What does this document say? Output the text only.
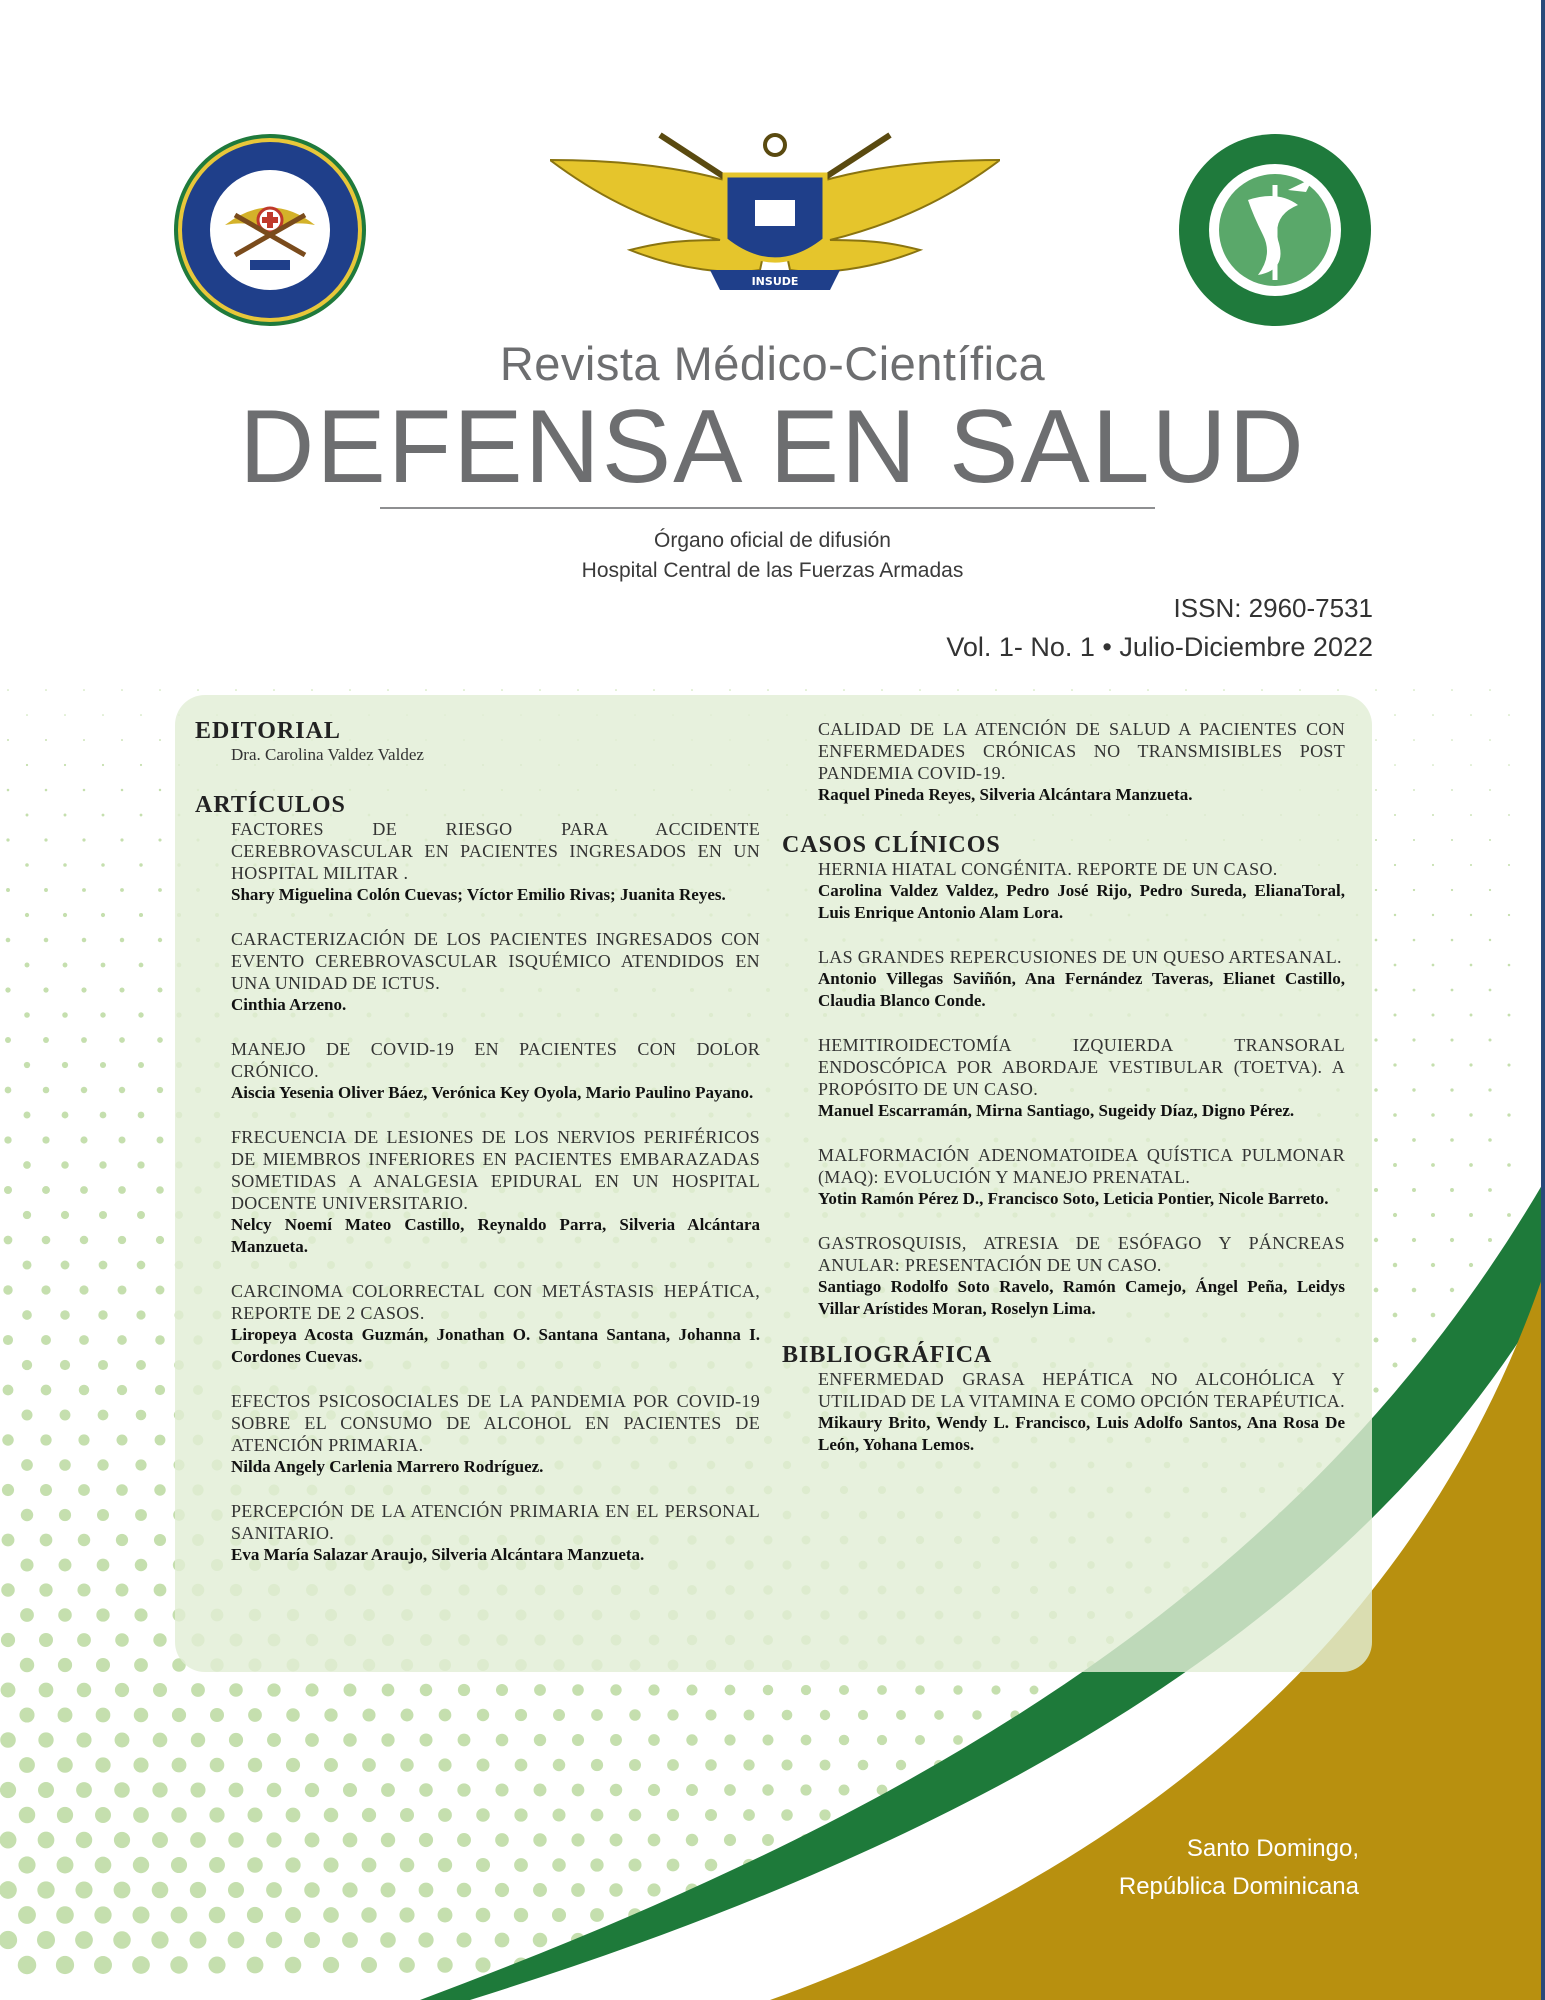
INSUDE
Revista Médico-Científica
DEFENSA EN SALUD
Órgano oficial de difusión
Hospital Central de las Fuerzas Armadas
ISSN: 2960-7531
Vol. 1- No. 1 • Julio-Diciembre 2022
EDITORIAL
Dra. Carolina Valdez Valdez
ARTÍCULOS
FACTORES DE RIESGO PARA ACCIDENTE CEREBROVASCULAR EN PACIENTES INGRESADOS EN UN HOSPITAL MILITAR .
Shary Miguelina Colón Cuevas; Víctor Emilio Rivas; Juanita Reyes.
CARACTERIZACIÓN DE LOS PACIENTES INGRESADOS CON EVENTO CEREBROVASCULAR ISQUÉMICO ATENDIDOS EN UNA UNIDAD DE ICTUS.
Cinthia Arzeno.
MANEJO DE COVID-19 EN PACIENTES CON DOLOR CRÓNICO.
Aiscia Yesenia Oliver Báez, Verónica Key Oyola, Mario Paulino Payano.
FRECUENCIA DE LESIONES DE LOS NERVIOS PERIFÉRICOS DE MIEMBROS INFERIORES EN PACIENTES EMBARAZADAS SOMETIDAS A ANALGESIA EPIDURAL EN UN HOSPITAL DOCENTE UNIVERSITARIO.
Nelcy Noemí Mateo Castillo, Reynaldo Parra, Silveria Alcántara Manzueta.
CARCINOMA COLORRECTAL CON METÁSTASIS HEPÁTICA, REPORTE DE 2 CASOS.
Liropeya Acosta Guzmán, Jonathan O. Santana Santana, Johanna I. Cordones Cuevas.
EFECTOS PSICOSOCIALES DE LA PANDEMIA POR COVID-19 SOBRE EL CONSUMO DE ALCOHOL EN PACIENTES DE ATENCIÓN PRIMARIA.
Nilda Angely Carlenia Marrero Rodríguez.
PERCEPCIÓN DE LA ATENCIÓN PRIMARIA EN EL PERSONAL SANITARIO.
Eva María Salazar Araujo, Silveria Alcántara Manzueta.
CALIDAD DE LA ATENCIÓN DE SALUD A PACIENTES CON ENFERMEDADES CRÓNICAS NO TRANSMISIBLES POST PANDEMIA COVID-19.
Raquel Pineda Reyes, Silveria Alcántara Manzueta.
CASOS CLÍNICOS
HERNIA HIATAL CONGÉNITA. REPORTE DE UN CASO.
Carolina Valdez Valdez, Pedro José Rijo, Pedro Sureda, ElianaToral, Luis Enrique Antonio Alam Lora.
LAS GRANDES REPERCUSIONES DE UN QUESO ARTESANAL.
Antonio Villegas Saviñón, Ana Fernández Taveras, Elianet Castillo, Claudia Blanco Conde.
HEMITIROIDECTOMÍA IZQUIERDA TRANSORAL ENDOSCÓPICA POR ABORDAJE VESTIBULAR (TOETVA). A PROPÓSITO DE UN CASO.
Manuel Escarramán, Mirna Santiago, Sugeidy Díaz, Digno Pérez.
MALFORMACIÓN ADENOMATOIDEA QUÍSTICA PULMONAR (MAQ): EVOLUCIÓN Y MANEJO PRENATAL.
Yotin Ramón Pérez D., Francisco Soto, Leticia Pontier, Nicole Barreto.
GASTROSQUISIS, ATRESIA DE ESÓFAGO Y PÁNCREAS ANULAR: PRESENTACIÓN DE UN CASO.
Santiago Rodolfo Soto Ravelo, Ramón Camejo, Ángel Peña, Leidys Villar Arístides Moran, Roselyn Lima.
BIBLIOGRÁFICA
ENFERMEDAD GRASA HEPÁTICA NO ALCOHÓLICA Y UTILIDAD DE LA VITAMINA E COMO OPCIÓN TERAPÉUTICA.
Mikaury Brito, Wendy L. Francisco, Luis Adolfo Santos, Ana Rosa De León, Yohana Lemos.
Santo Domingo,
República Dominicana
